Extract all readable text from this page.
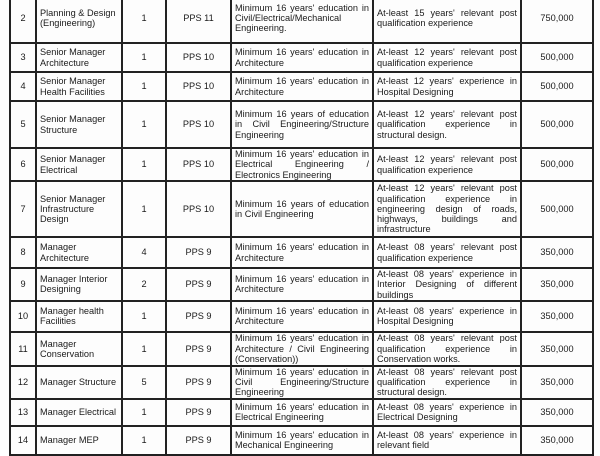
2	Planning & Design (Engineering)	1	PPS 11	Minimum 16 years' education in Civil/Electrical/Mechanical Engineering.	At-least 15 years' relevant post qualification experience	750,000
3	Senior Manager Architecture	1	PPS 10	Minimum 16 years' education in Architecture	At-least 12 years' relevant post qualification experience	500,000
4	Senior Manager Health Facilities	1	PPS 10	Minimum 16 years' education in Architecture	At-least 12 years' experience in Hospital Designing	500,000
5	Senior Manager Structure	1	PPS 10	Minimum 16 years of education in Civil Engineering/Structure Engineering	At-least 12 years' relevant post qualification experience in structural design.	500,000
6	Senior Manager Electrical	1	PPS 10	Minimum 16 years' education in Electrical Engineering / Electronics Engineering	At-least 12 years' relevant post qualification experience	500,000
7	Senior Manager Infrastructure Design	1	PPS 10	Minimum 16 years of education in Civil Engineering	At-least 12 years' relevant post qualification experience in engineering design of roads, highways, buildings and infrastructure	500,000
8	Manager Architecture	4	PPS 9	Minimum 16 years' education in Architecture	At-least 08 years' relevant post qualification experience	350,000
9	Manager Interior Designing	2	PPS 9	Minimum 16 years' education in Architecture	At-least 08 years' experience in Interior Designing of different buildings	350,000
10	Manager health Facilities	1	PPS 9	Minimum 16 years' education in Architecture	At-least 08 years' experience in Hospital Designing	350,000
11	Manager Conservation	1	PPS 9	Minimum 16 years' education in Architecture / Civil Engineering (Conservation))	At-least 08 years' relevant post qualification experience in Conservation works.	350,000
12	Manager Structure	5	PPS 9	Minimum 16 years' education in Civil Engineering/Structure Engineering	At-least 08 years' relevant post qualification experience in structural design.	350,000
13	Manager Electrical	1	PPS 9	Minimum 16 years' education in Electrical Engineering	At-least 08 years' experience in Electrical Designing	350,000
14	Manager MEP	1	PPS 9	Minimum 16 years' education in Mechanical Engineering	At-least 08 years' experience in relevant field	350,000
